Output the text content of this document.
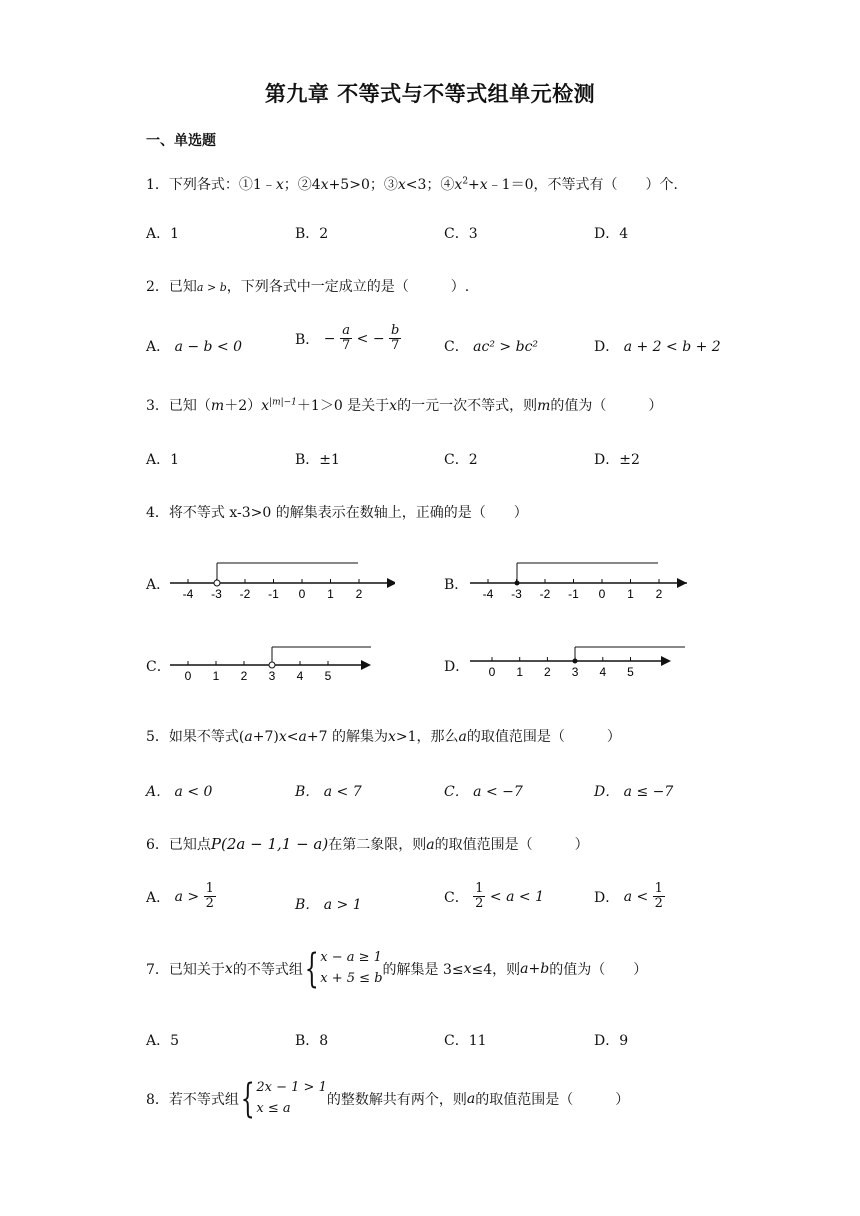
第九章 不等式与不等式组单元检测
一、单选题
1．下列各式：①1﹣x；②4x+5>0；③x<3；$④x^2+x﹣1=0$，不等式有（　　）个．
A．1	B．2	C．3	D．4
2．已知a > b，下列各式中一定成立的是（　　　）.
A． a − b < 0	B． − $\frac{a}{7}$ < − $\frac{b}{7}$	C． ac² > bc²	D． a + 2 < b + 2
3．已知$(m+2)x^{|m|-1}+1>0$ 是关于x的一元一次不等式，则m的值为（　　　）
A．1	B．±1	C．2	D．±2
4．将不等式 x-3>0 的解集表示在数轴上，正确的是（　　）
A．	B．
C．	D．
-4 -3 -2 -1 0 1 2	-4 -3 -2 -1 0 1 2
0 1 2 3 4 5	0 1 2 3 4 5
5．如果不等式(a+7)x<a+7 的解集为x>1，那么a的取值范围是（　　　）
A． a < 0	B． a < 7	C． a < −7	D． a ≤ −7
6．已知点P(2a − 1,1 − a)在第二象限，则a的取值范围是（　　　）
A． $a > \frac{1}{2}$	B． a > 1	C． $\frac{1}{2} < a < 1$	D． $a < \frac{1}{2}$
7．已知关于x的不等式组{ x − a ≥ 1
x + 5 ≤ b
的解集是 3≤x≤4，则a+b的值为（　　）
A．5	B．8	C．11	D．9
8．若不等式组{ 2x − 1 > 1
x ≤ a
的整数解共有两个，则a的取值范围是（　　　）
